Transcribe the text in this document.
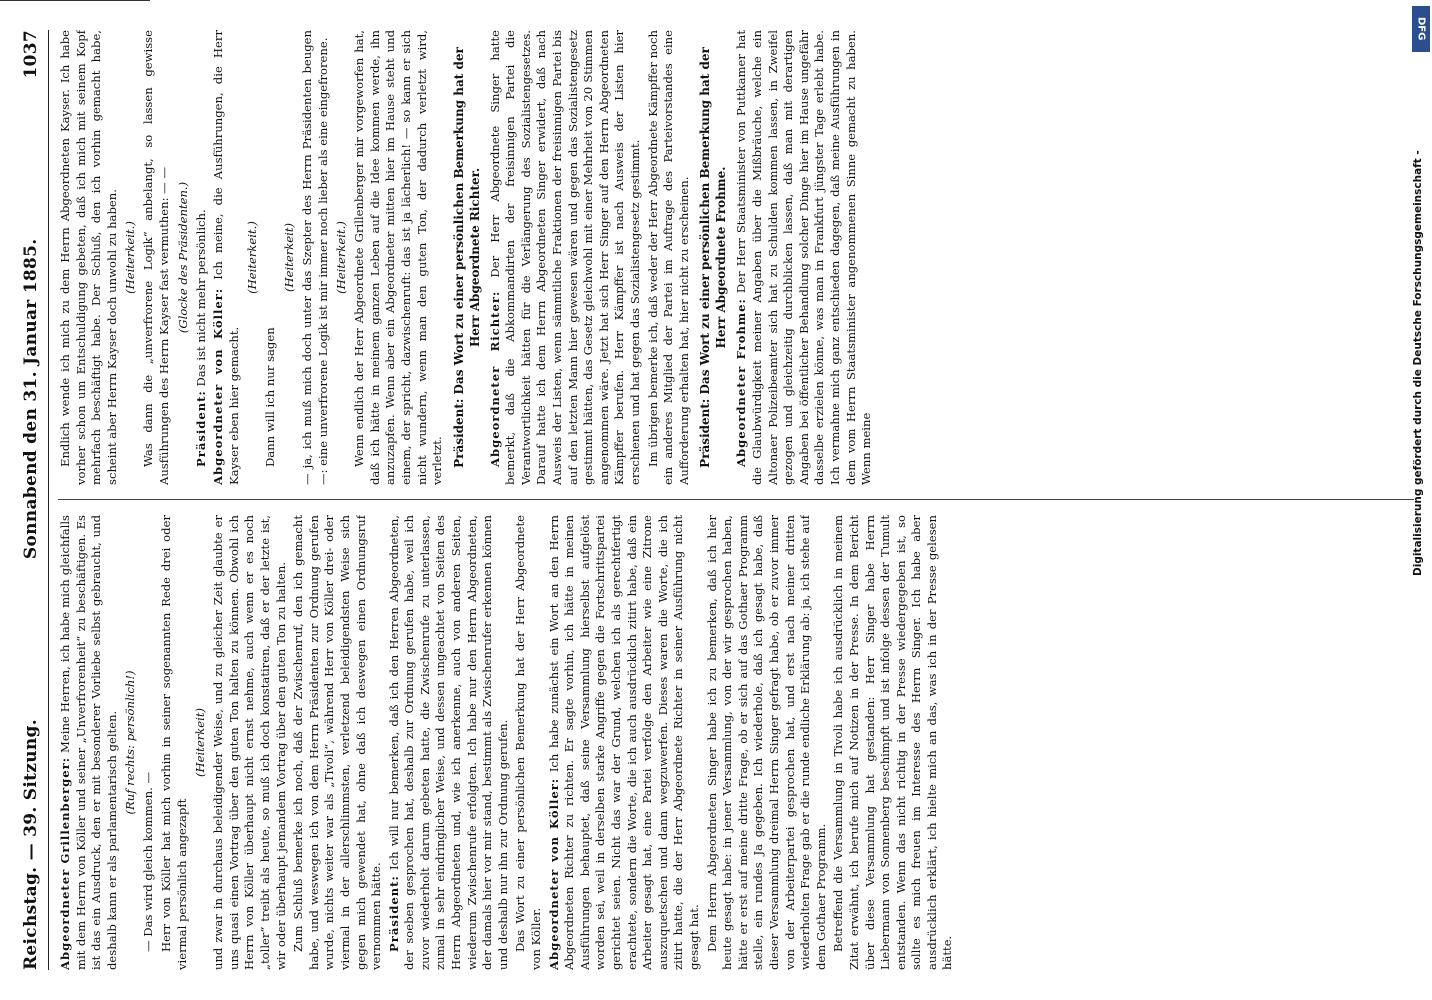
Reichstag. — 39. Sitzung.
Sonnabend den 31. Januar 1885.
1037
Abgeordneter Grillenberger: Meine Herren, ich habe mich gleichfalls mit dem Herrn von Köller und seiner „Unverfrorenheit“ zu beschäftigen. Es ist das ein Ausdruck, den er mit besonderer Vorliebe selbst gebraucht, und deshalb kann er als parlamentarisch gelten. (Ruf rechts: persönlich!)
— Das wird gleich kommen. — Herr von Köller hat mich vorhin in seiner sogenannten Rede drei oder viermal persönlich angezapft
(Heiterkeit) und zwar in durchaus beleidigender Weise, und zu gleicher Zeit glaubte er uns quasi einen Vortrag über den guten Ton halten zu können. Obwohl ich Herrn von Köller überhaupt nicht ernst nehme, auch wenn er es noch „toller“ treibt als heute, so muß ich doch konstatiren, daß er der letzte ist, wir oder überhaupt jemandem Vortrag über den guten Ton zu halten. Zum Schluß bemerke ich noch, daß der Zwischenruf, den ich gemacht habe, und weswegen ich von dem Herrn Präsidenten zur Ordnung gerufen wurde, nichts weiter war als „Tivoli“, während Herr von Köller drei- oder viermal in der allerschlimmsten, verletzend beleidigendsten Weise sich gegen mich gewendet hat, ohne daß ich deswegen einen Ordnungsruf vernommen hätte. Präsident: Ich will nur bemerken, daß ich den Herren Abgeordneten, der soeben gesprochen hat, deshalb zur Ordnung gerufen habe, weil ich zuvor wiederholt darum gebeten hatte, die Zwischenrufe zu unterlassen, zumal in sehr eindringlicher Weise, und dessen ungeachtet von Seiten des Herrn Abgeordneten und, wie ich anerkenne, auch von anderen Seiten, wiederum Zwischenrufe erfolgten. Ich habe nur den Herrn Abgeordneten, der damals hier vor mir stand, bestimmt als Zwischenrufer erkennen können und deshalb nur ihn zur Ordnung gerufen. Das Wort zu einer persönlichen Bemerkung hat der Herr Abgeordnete von Köller. Abgeordneter von Köller: Ich habe zunächst ein Wort an den Herrn Abgeordneten Richter zu richten. Er sagte vorhin, ich hätte in meinen Ausführungen behauptet, daß seine Versammlung hierselbst aufgelöst worden sei, weil in derselben starke Angriffe gegen die Fortschrittspartei gerichtet seien. Nicht das war der Grund, welchen ich als gerechtfertigt erachtete, sondern die Worte, die ich auch ausdrücklich zitirt habe, daß ein Arbeiter gesagt hat, eine Partei verfolge den Arbeiter wie eine Zitrone auszuquetschen und dann wegzuwerfen. Dieses waren die Worte, die ich zitirt hatte, die der Herr Abgeordnete Richter in seiner Ausführung nicht gesagt hat. Dem Herrn Abgeordneten Singer habe ich zu bemerken, daß ich hier heute gesagt habe: in jener Versammlung, von der wir gesprochen haben, hätte er erst auf meine dritte Frage, ob er sich auf das Gothaer Programm stelle, ein rundes Ja gegeben. Ich wiederhole, daß ich gesagt habe, daß dieser Versammlung dreimal Herrn Singer gefragt habe, ob er zuvor immer von der Arbeiterpartei gesprochen hat, und erst nach meiner dritten wiederholten Frage gab er die runde endliche Erklärung ab: ja, ich stehe auf dem Gothaer Programm. Betreffend die Versammlung in Tivoli habe ich ausdrücklich in meinem Zitat erwähnt, ich berufe mich auf Notizen in der Presse. In dem Bericht über diese Versammlung hat gestanden: Herr Singer habe Herrn Liebermann von Sonnenberg beschimpft und ist infolge dessen der Tumult entstanden. Wenn das nicht richtig in der Presse wiedergegeben ist, so sollte es mich freuen im Interesse des Herrn Singer. Ich habe aber ausdrücklich erklärt, ich hielte mich an das, was ich in der Presse gelesen hätte.
Endlich wende ich mich zu dem Herrn Abgeordneten Kayser. Ich habe vorher schon um Entschuldigung gebeten, daß ich mich mit seinem Kopf mehrfach beschäftigt habe. Der Schluß, den ich vorhin gemacht habe, scheint aber Herrn Kayser doch unwohl zu haben. (Heiterkeit.) Was dann die „unverfrorene Logik“ anbelangt, so lassen gewisse Ausführungen des Herrn Kayser fast vermuthen: — — (Glocke des Präsidenten.)
Präsident: Das ist nicht mehr persönlich. Abgeordneter von Köller: Ich meine, die Ausführungen, die Herr Kayser eben hier gemacht.
(Heiterkeit.)
Dann will ich nur sagen
(Heiterkeit) — ja, ich muß mich doch unter das Szepter des Herrn Präsidenten beugen —: eine unverfrorene Logik ist mir immer noch lieber als eine eingefrorene. (Heiterkeit.) Wenn endlich der Herr Abgeordnete Grillenberger mir vorgeworfen hat, daß ich hätte in meinem ganzen Leben auf die Idee kommen werde, ihn anzuzapfen. Wenn aber ein Abgeordneter mitten hier im Hause steht und einem, der spricht, dazwischenruft: das ist ja lächerlich! — so kann er sich nicht wundern, wenn man den guten Ton, der dadurch verletzt wird, verletzt. Präsident: Das Wort zu einer persönlichen Bemerkung hat der Herr Abgeordnete Richter.
Abgeordneter Richter: Der Herr Abgeordnete Singer hatte bemerkt, daß die Abkommandirten der freisinnigen Partei die Verantwortlichkeit hätten für die Verlängerung des Sozialistengesetzes. Darauf hatte ich dem Herrn Abgeordneten Singer erwidert, daß nach Ausweis der Listen, wenn sämmtliche Fraktionen der freisinnigen Partei bis auf den letzten Mann hier gewesen wären und gegen das Sozialistengesetz gestimmt hätten, das Gesetz gleichwohl mit einer Mehrheit von 20 Stimmen angenommen wäre. Jetzt hat sich Herr Singer auf den Herrn Abgeordneten Kämpffer berufen. Herr Kämpffer ist nach Ausweis der Listen hier erschienen und hat gegen das Sozialistengesetz gestimmt. Im übrigen bemerke ich, daß weder der Herr Abgeordnete Kämpffer noch ein anderes Mitglied der Partei im Auftrage des Parteivorstandes eine Aufforderung erhalten hat, hier nicht zu erscheinen. Präsident: Das Wort zu einer persönlichen Bemerkung hat der Herr Abgeordnete Frohme.
Abgeordneter Frohme: Der Herr Staatsminister von Puttkamer hat die Glaubwürdigkeit meiner Angaben über die Mißbräuche, welche ein Altonaer Polizeibeamter sich hat zu Schulden kommen lassen, in Zweifel gezogen und gleichzeitig durchblicken lassen, daß man mit derartigen Angaben bei öffentlicher Behandlung solcher Dinge hier im Hause ungefähr dasselbe erzielen könne, was man in Frankfurt jüngster Tage erlebt habe. Ich vermahne mich ganz entschieden dagegen, daß meine Ausführungen in dem vom Herrn Staatsminister angenommenen Sinne gemacht zu haben. Wenn meine
DFG
Digitalisierung gefördert durch die Deutsche Forschungsgemeinschaft -
